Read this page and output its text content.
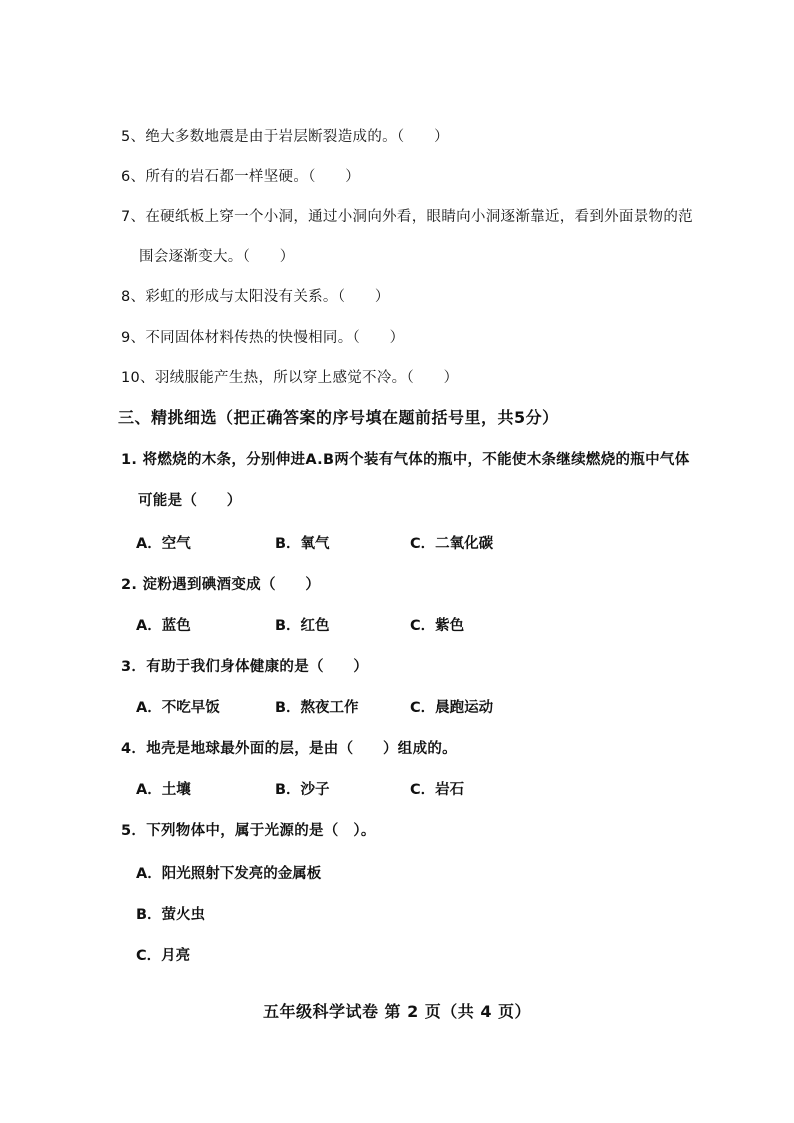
5、绝大多数地震是由于岩层断裂造成的。（　　）
6、所有的岩石都一样坚硬。（　　）
7、在硬纸板上穿一个小洞，通过小洞向外看，眼睛向小洞逐渐靠近，看到外面景物的范
围会逐渐变大。（　　）
8、彩虹的形成与太阳没有关系。（　　）
9、不同固体材料传热的快慢相同。（　　）
10、羽绒服能产生热，所以穿上感觉不冷。（　　）
三、精挑细选（把正确答案的序号填在题前括号里，共5分）
1. 将燃烧的木条，分别伸进A.B两个装有气体的瓶中，不能使木条继续燃烧的瓶中气体
可能是（　　）
A．空气	B．氧气	C．二氧化碳
2. 淀粉遇到碘酒变成（　　）
A．蓝色	B．红色	C．紫色
3．有助于我们身体健康的是（　　）
A．不吃早饭	B．熬夜工作	C．晨跑运动
4．地壳是地球最外面的层，是由（　　）组成的。
A．土壤	B．沙子	C．岩石
5．下列物体中，属于光源的是（　）。
A．阳光照射下发亮的金属板
B．萤火虫
C．月亮
五年级科学试卷 第 2 页（共 4 页）
